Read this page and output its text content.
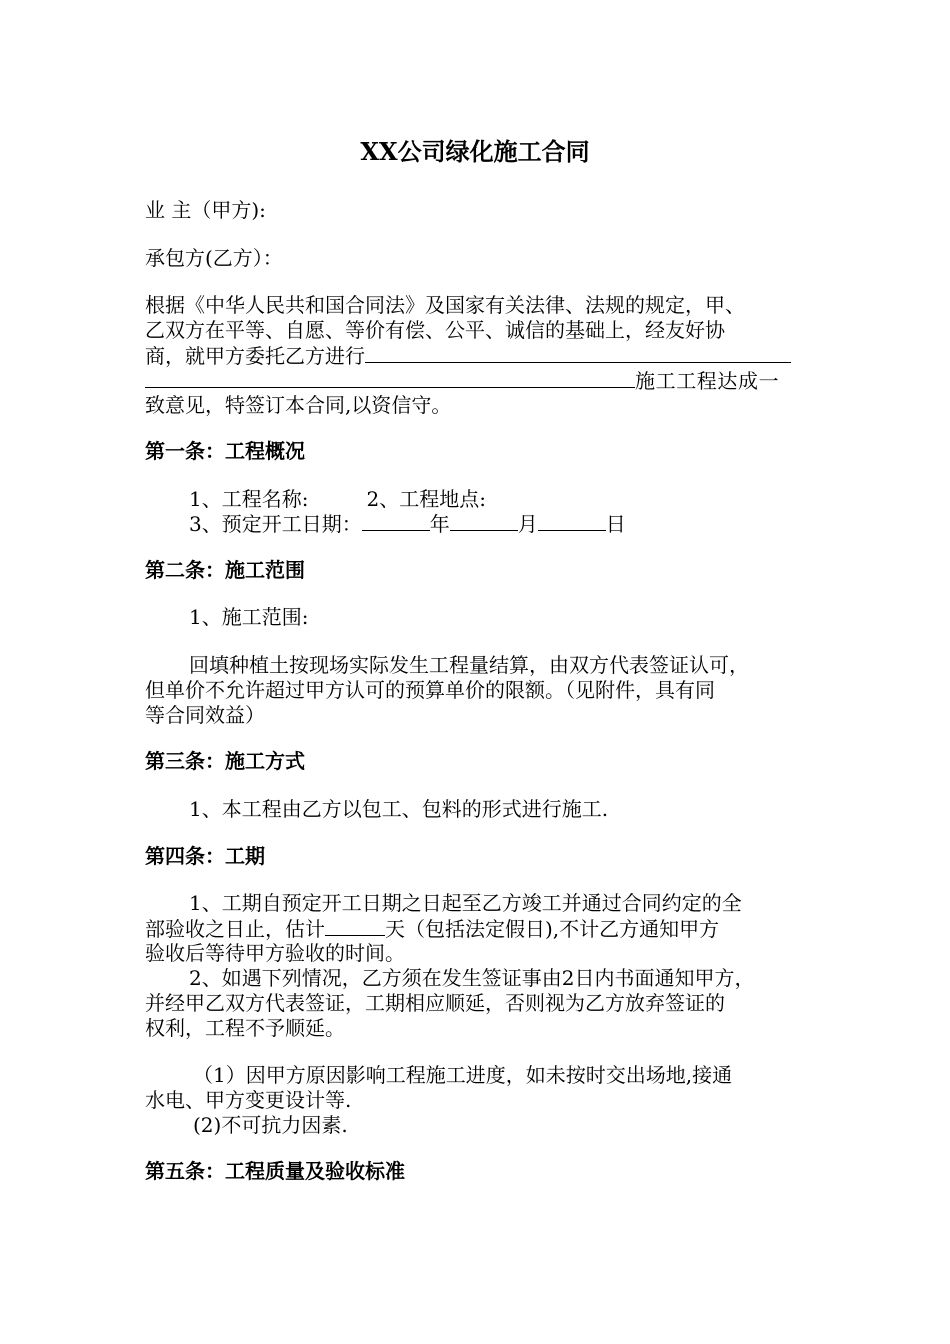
XX公司绿化施工合同
业 主（甲方):
承包方(乙方）：
根据《中华人民共和国合同法》及国家有关法律、法规的规定，甲、
乙双方在平等、自愿、等价有偿、公平、诚信的基础上，经友好协
商，就甲方委托乙方进行
施工工程达成一
致意见，特签订本合同,以资信守。
第一条：工程概况
1、工程名称:	2、工程地点:
3、预定开工日期：	年	月	日
第二条：施工范围
1、施工范围:
回填种植土按现场实际发生工程量结算，由双方代表签证认可，
但单价不允许超过甲方认可的预算单价的限额。（见附件，具有同
等合同效益）
第三条：施工方式
1、本工程由乙方以包工、包料的形式进行施工.
第四条：工期
1、工期自预定开工日期之日起至乙方竣工并通过合同约定的全
部验收之日止，估计	天（包括法定假日),不计乙方通知甲方
验收后等待甲方验收的时间。
2、如遇下列情况，乙方须在发生签证事由2日内书面通知甲方，
并经甲乙双方代表签证，工期相应顺延，否则视为乙方放弃签证的
权利，工程不予顺延。
（1）因甲方原因影响工程施工进度，如未按时交出场地,接通
水电、甲方变更设计等.
(2)不可抗力因素.
第五条：工程质量及验收标准
